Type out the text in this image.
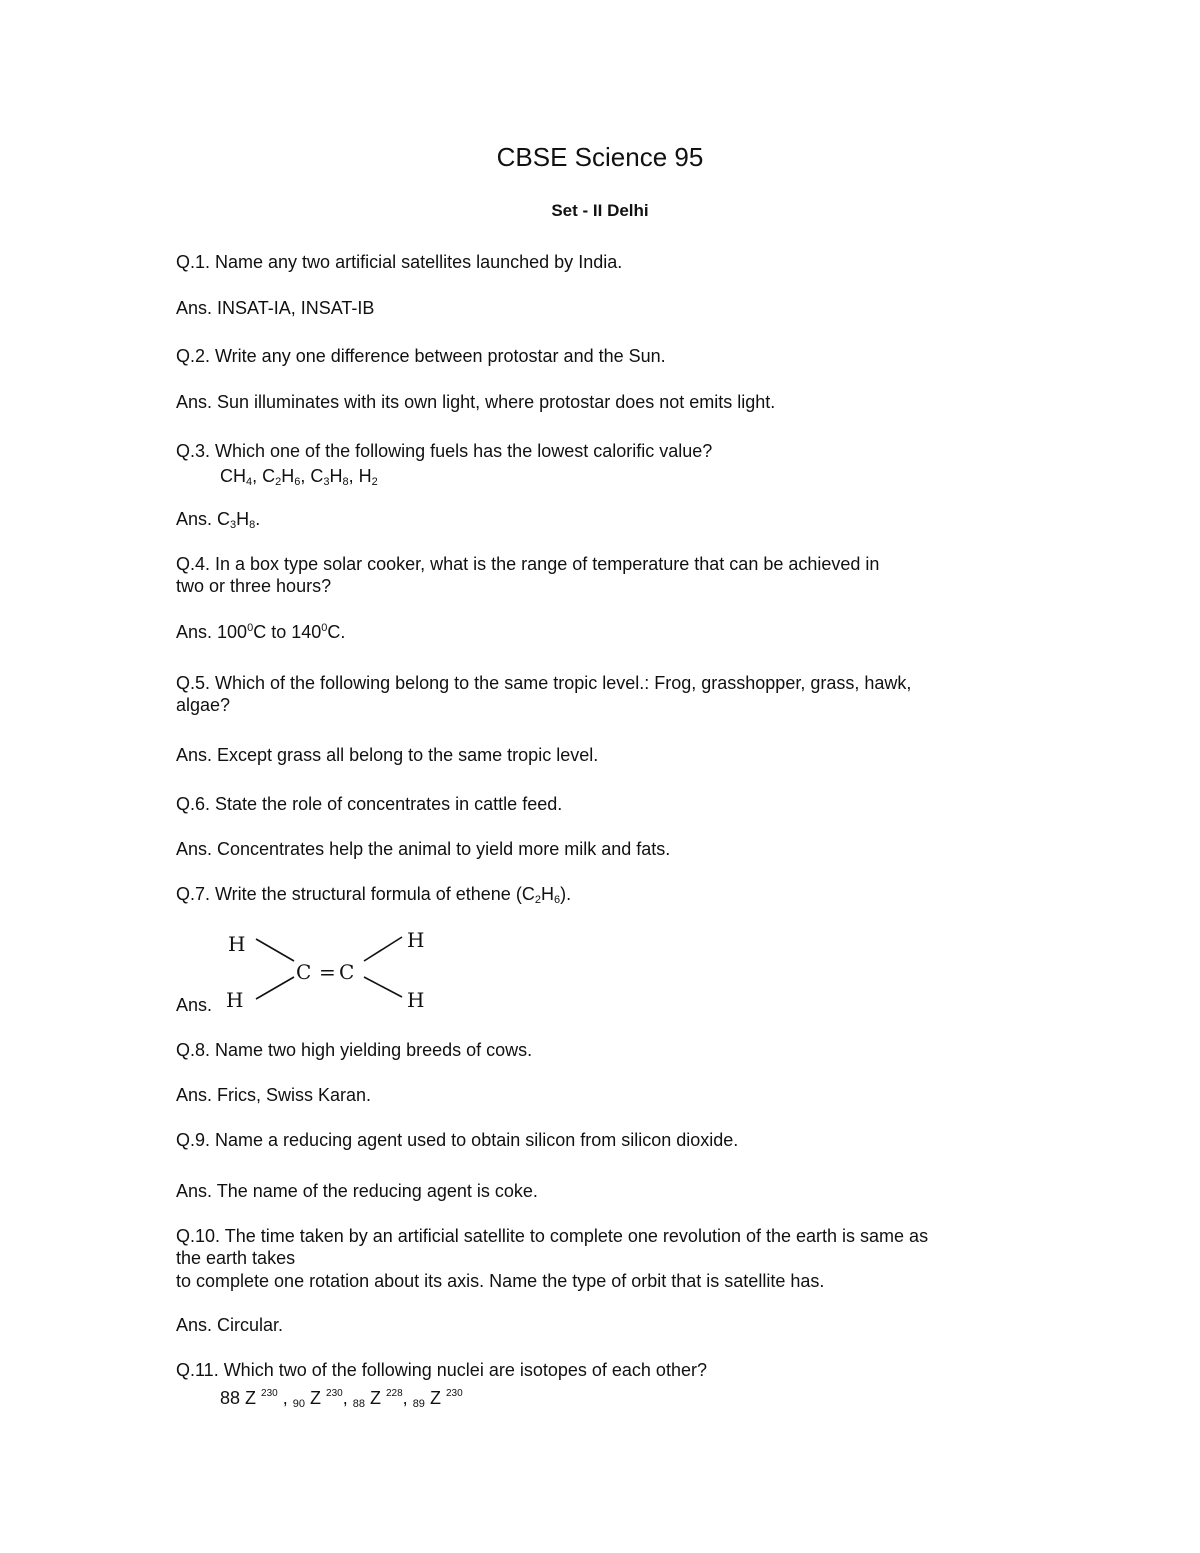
CBSE Science 95
Set - II Delhi
Q.1. Name any two artificial satellites launched by India.
Ans. INSAT-IA, INSAT-IB
Q.2. Write any one difference between protostar and the Sun.
Ans. Sun illuminates with its own light, where protostar does not emits light.
Q.3. Which one of the following fuels has the lowest calorific value?
$CH_4$, $C_2H_6$, $C_3H_8$, $H_2$
Ans. $C_3H_8$.
Q.4. In a box type solar cooker, what is the range of temperature that can be achieved in
two or three hours?
Ans. $100^0C$ to $140^0C$.
Q.5. Which of the following belong to the same tropic level.: Frog, grasshopper, grass, hawk,
algae?
Ans. Except grass all belong to the same tropic level.
Q.6. State the role of concentrates in cattle feed.
Ans. Concentrates help the animal to yield more milk and fats.
Q.7. Write the structural formula of ethene $(C_2H_6)$.
Ans.
H
H
H
H
C = C
Q.8. Name two high yielding breeds of cows.
Ans. Frics, Swiss Karan.
Q.9. Name a reducing agent used to obtain silicon from silicon dioxide.
Ans. The name of the reducing agent is coke.
Q.10. The time taken by an artificial satellite to complete one revolution of the earth is same as
the earth takes
to complete one rotation about its axis. Name the type of orbit that is satellite has.
Ans. Circular.
Q.11. Which two of the following nuclei are isotopes of each other?
88 Z $^{230}$ , 90 Z $^{230}$, 88 Z $^{228}$, 89 Z $^{230}$
